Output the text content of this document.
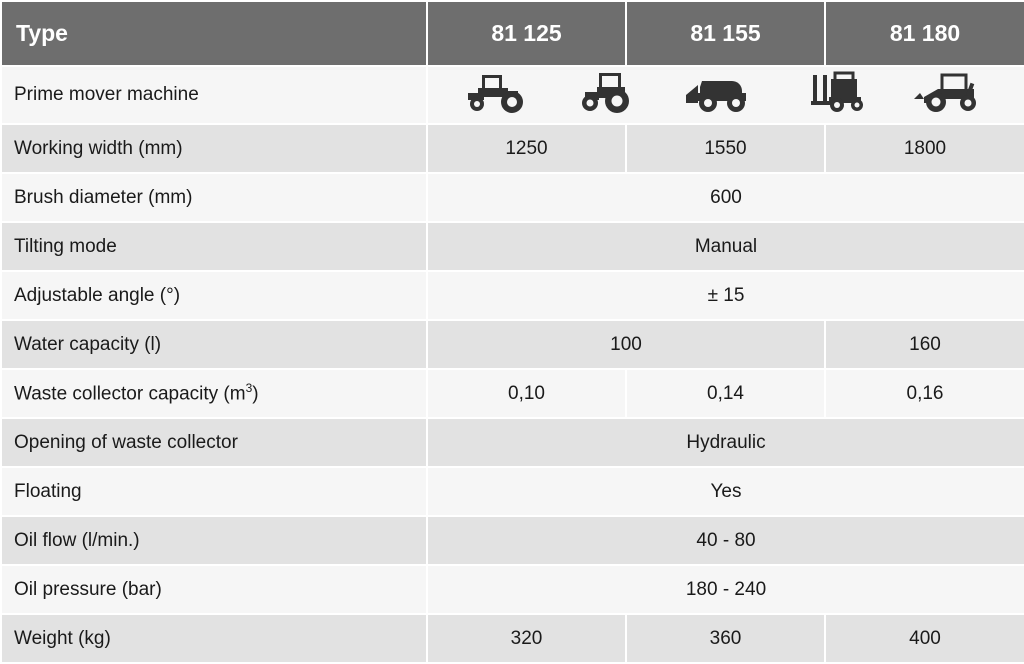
Type	81 125	81 155	81 180
Prime mover machine	

Working width (mm)	1250	1550	1800
Brush diameter (mm)	600		
Tilting mode	Manual		
Adjustable angle (°)	± 15		
Water capacity (l)	100		160
Waste collector capacity $(m^3)$	0,10	0,14	0,16
Opening of waste collector	Hydraulic		
Floating	Yes		
Oil flow (l/min.)	40 - 80		
Oil pressure (bar)	180 - 240		
Weight (kg)	320	360	400
